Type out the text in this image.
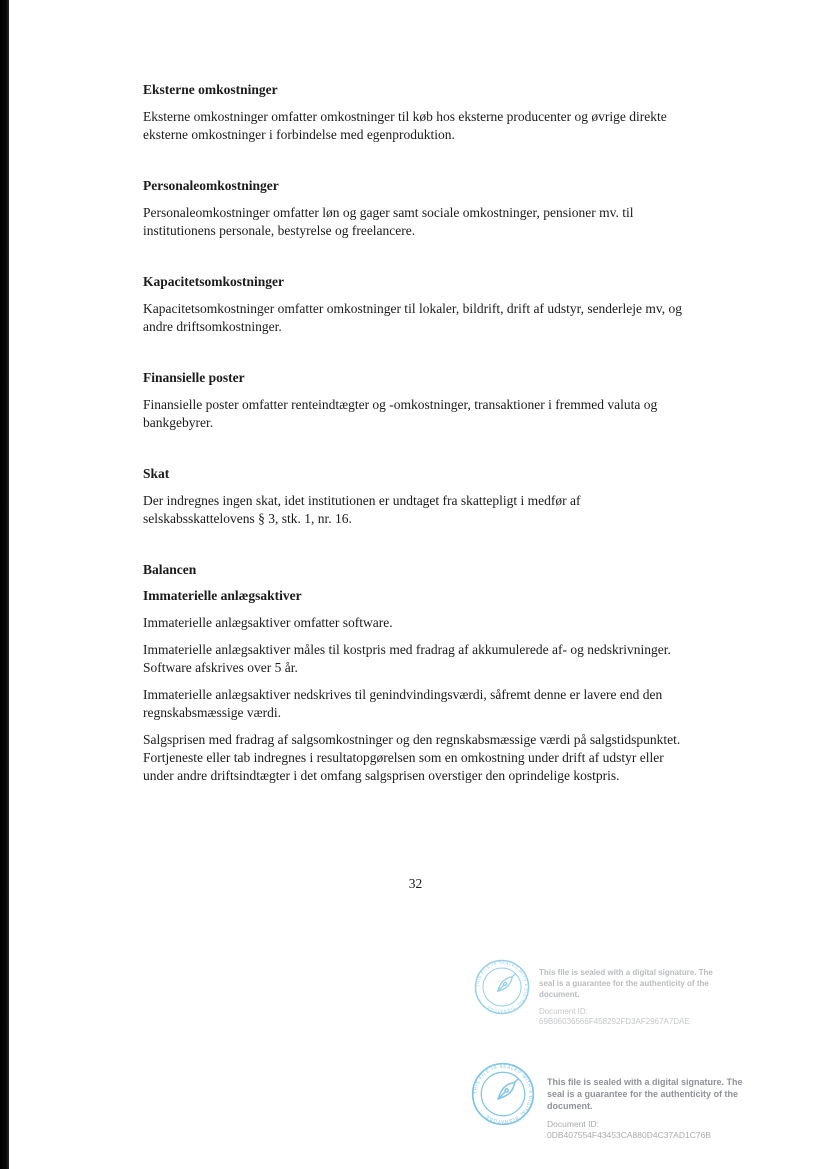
Eksterne omkostninger

Eksterne omkostninger omfatter omkostninger til køb hos eksterne producenter og øvrige direkte eksterne omkostninger i forbindelse med egenproduktion.

Personaleomkostninger

Personaleomkostninger omfatter løn og gager samt sociale omkostninger, pensioner mv. til institutionens personale, bestyrelse og freelancere.

Kapacitetsomkostninger

Kapacitetsomkostninger omfatter omkostninger til lokaler, bildrift, drift af udstyr, senderleje mv, og andre driftsomkostninger.

Finansielle poster

Finansielle poster omfatter renteindtægter og -omkostninger, transaktioner i fremmed valuta og bankgebyrer.

Skat

Der indregnes ingen skat, idet institutionen er undtaget fra skattepligt i medfør af selskabsskattelovens § 3, stk. 1, nr. 16.

Balancen
Immaterielle anlægsaktiver

Immaterielle anlægsaktiver omfatter software.

Immaterielle anlægsaktiver måles til kostpris med fradrag af akkumulerede af- og nedskrivninger. Software afskrives over 5 år.

Immaterielle anlægsaktiver nedskrives til genindvindingsværdi, såfremt denne er lavere end den regnskabsmæssige værdi.

Salgsprisen med fradrag af salgsomkostninger og den regnskabsmæssige værdi på salgstidspunktet. Fortjeneste eller tab indregnes i resultatopgørelsen som en omkostning under drift af udstyr eller under andre driftsindtægter i det omfang salgsprisen overstiger den oprindelige kostpris.

32
THIS FILE IS SEALED WITH A DIGITAL SIGNATURE
This file is sealed with a digital signature. The seal is a guarantee for the authenticity of the document.
Document ID:
69B06036566F458292FD3AF2967A7DAE
THIS FILE IS SEALED WITH A DIGITAL SIGNATURE
This file is sealed with a digital signature. The seal is a guarantee for the authenticity of the document.
Document ID:
0DB407554F43453CA880D4C37AD1C76B
